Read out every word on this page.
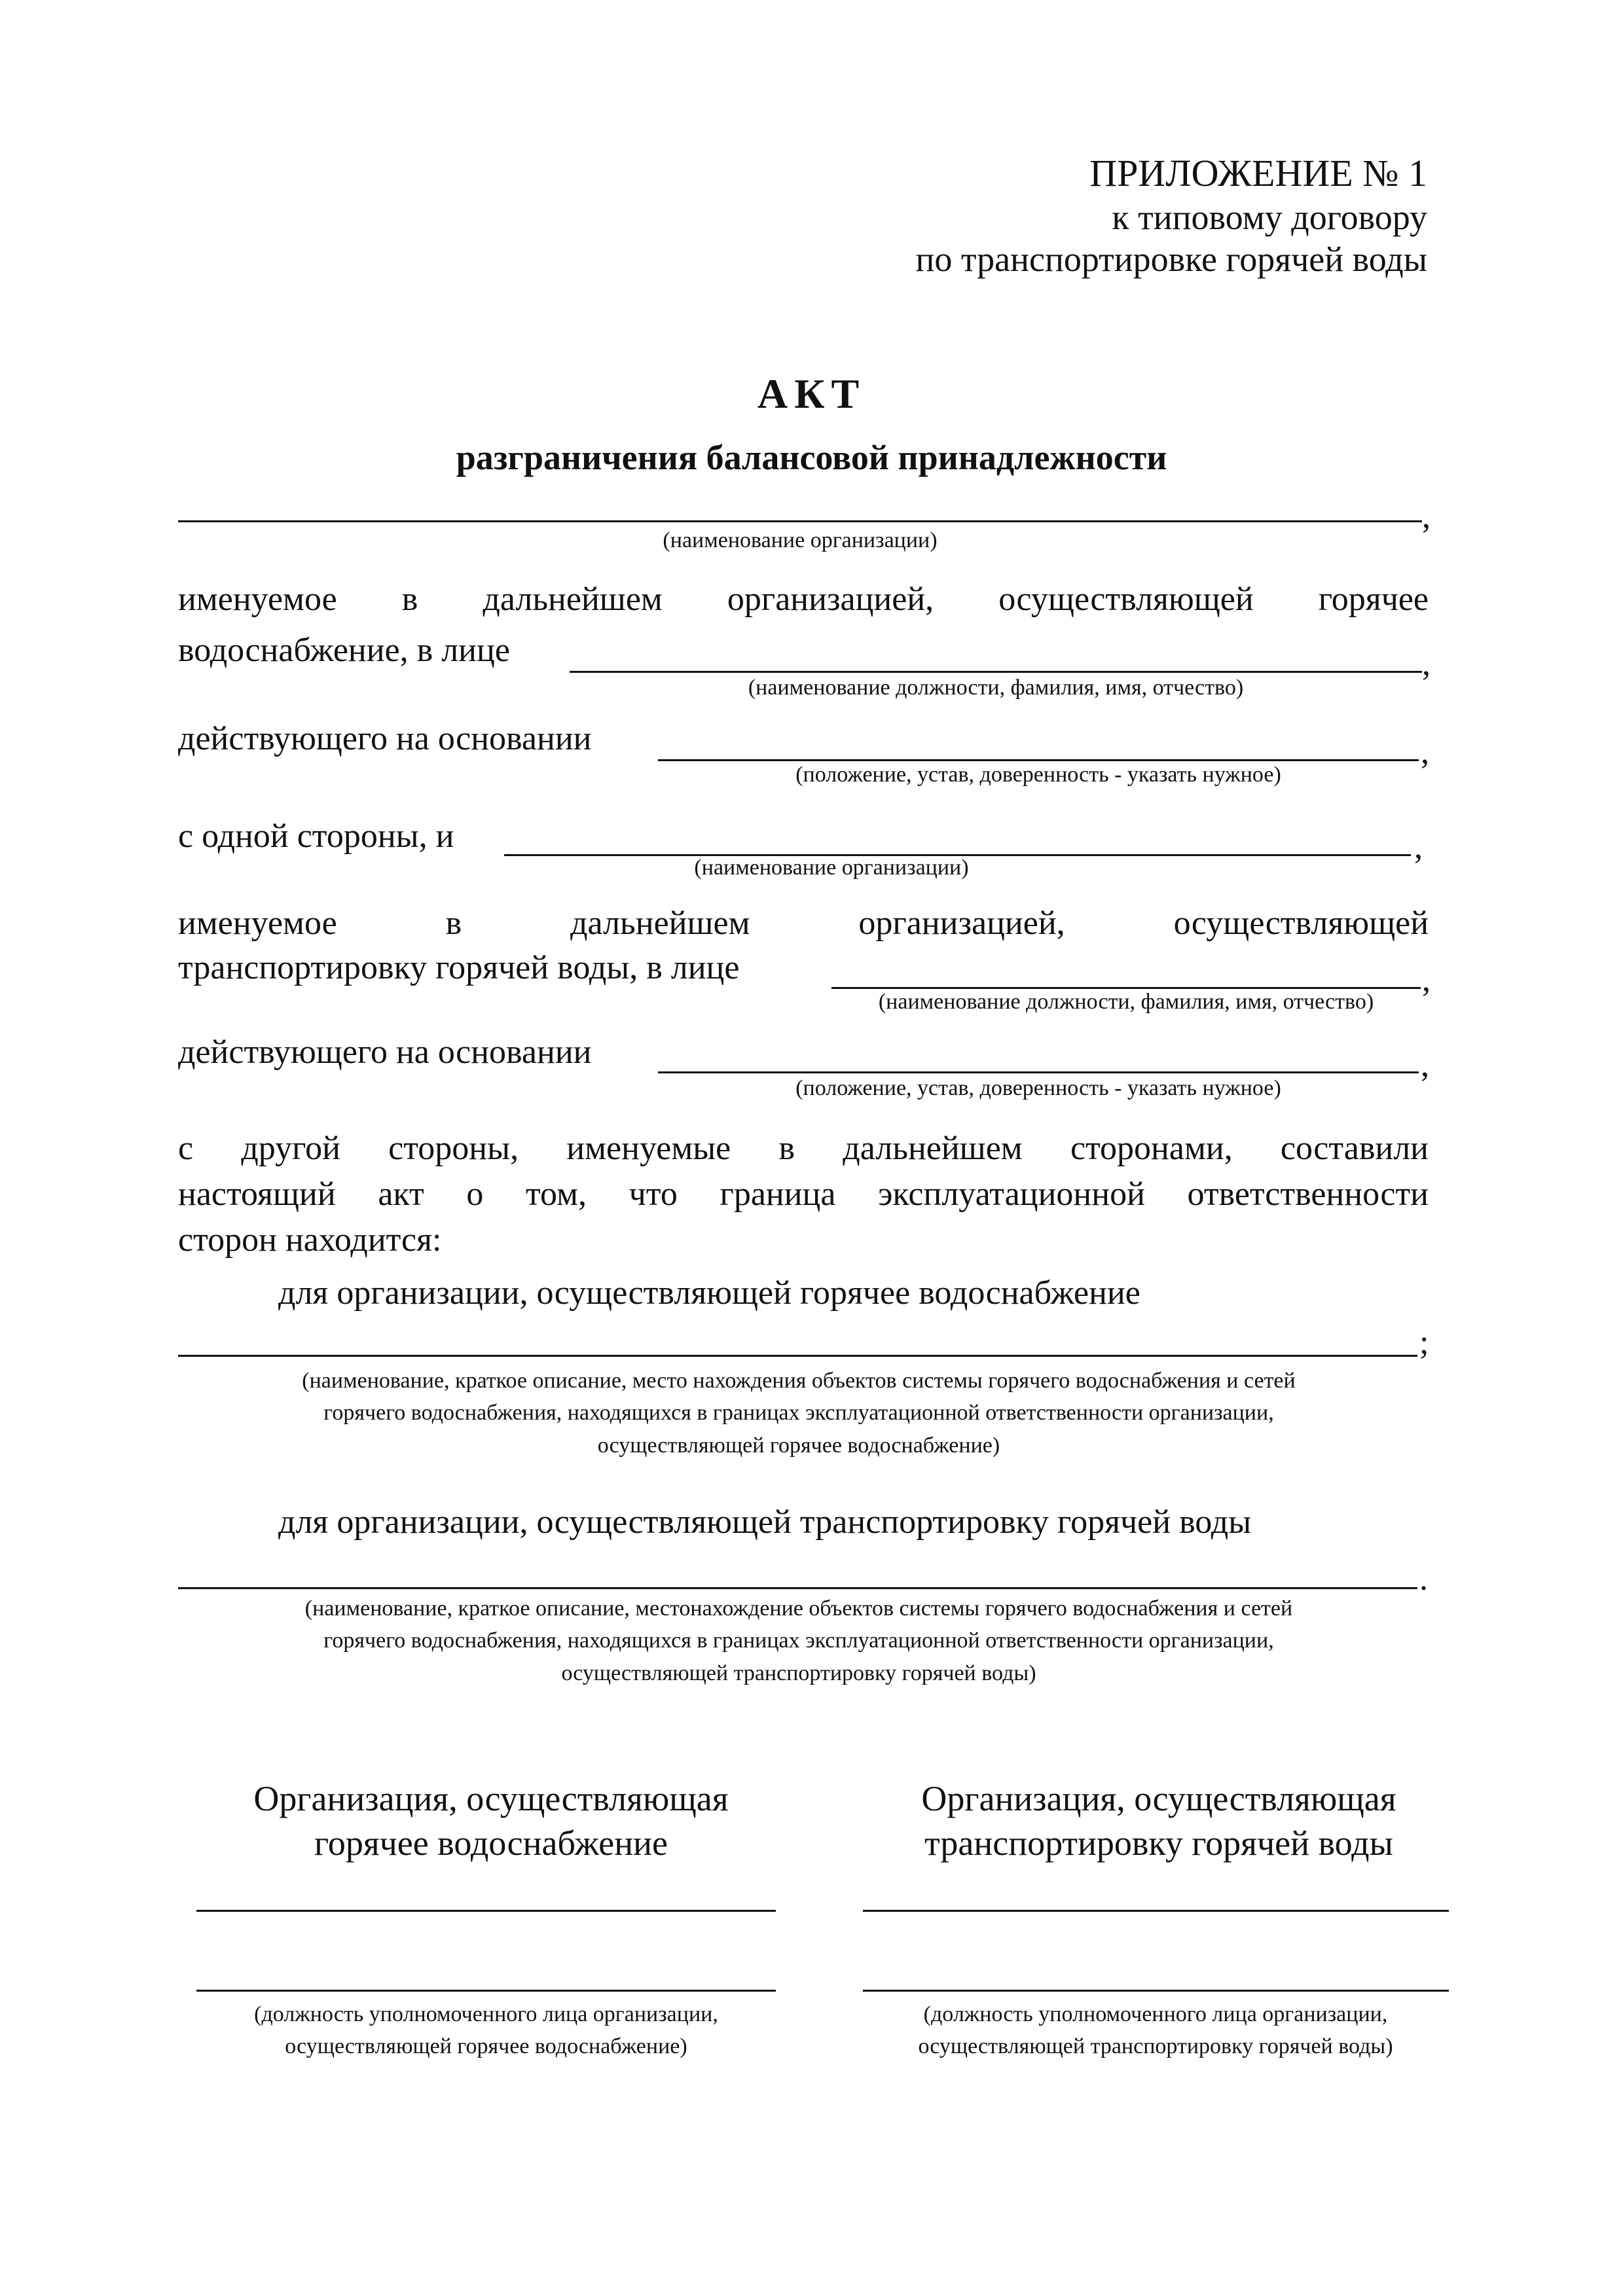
ПРИЛОЖЕНИЕ № 1
к типовому договору
по транспортировке горячей воды
АКТ
разграничения балансовой принадлежности
,
(наименование организации)
именуемое в дальнейшем организацией, осуществляющей горячее
водоснабжение, в лице	,
(наименование должности, фамилия, имя, отчество)
действующего на основании	,
(положение, устав, доверенность - указать нужное)
с одной стороны, и	,
(наименование организации)
именуемое	в	дальнейшем	организацией,	осуществляющей
транспортировку горячей воды, в лице	,
(наименование должности, фамилия, имя, отчество)
действующего на основании	,
(положение, устав, доверенность - указать нужное)
с другой стороны, именуемые в дальнейшем сторонами, составили
настоящий акт о том, что граница эксплуатационной ответственности
сторон находится:
для организации, осуществляющей горячее водоснабжение
;
(наименование, краткое описание, место нахождения объектов системы горячего водоснабжения и сетей
горячего водоснабжения, находящихся в границах эксплуатационной ответственности организации,
осуществляющей горячее водоснабжение)
для организации, осуществляющей транспортировку горячей воды
.
(наименование, краткое описание, местонахождение объектов системы горячего водоснабжения и сетей
горячего водоснабжения, находящихся в границах эксплуатационной ответственности организации,
осуществляющей транспортировку горячей воды)
Организация, осуществляющая
горячее водоснабжение
(должность уполномоченного лица организации,
осуществляющей горячее водоснабжение)
Организация, осуществляющая
транспортировку горячей воды
(должность уполномоченного лица организации,
осуществляющей транспортировку горячей воды)
